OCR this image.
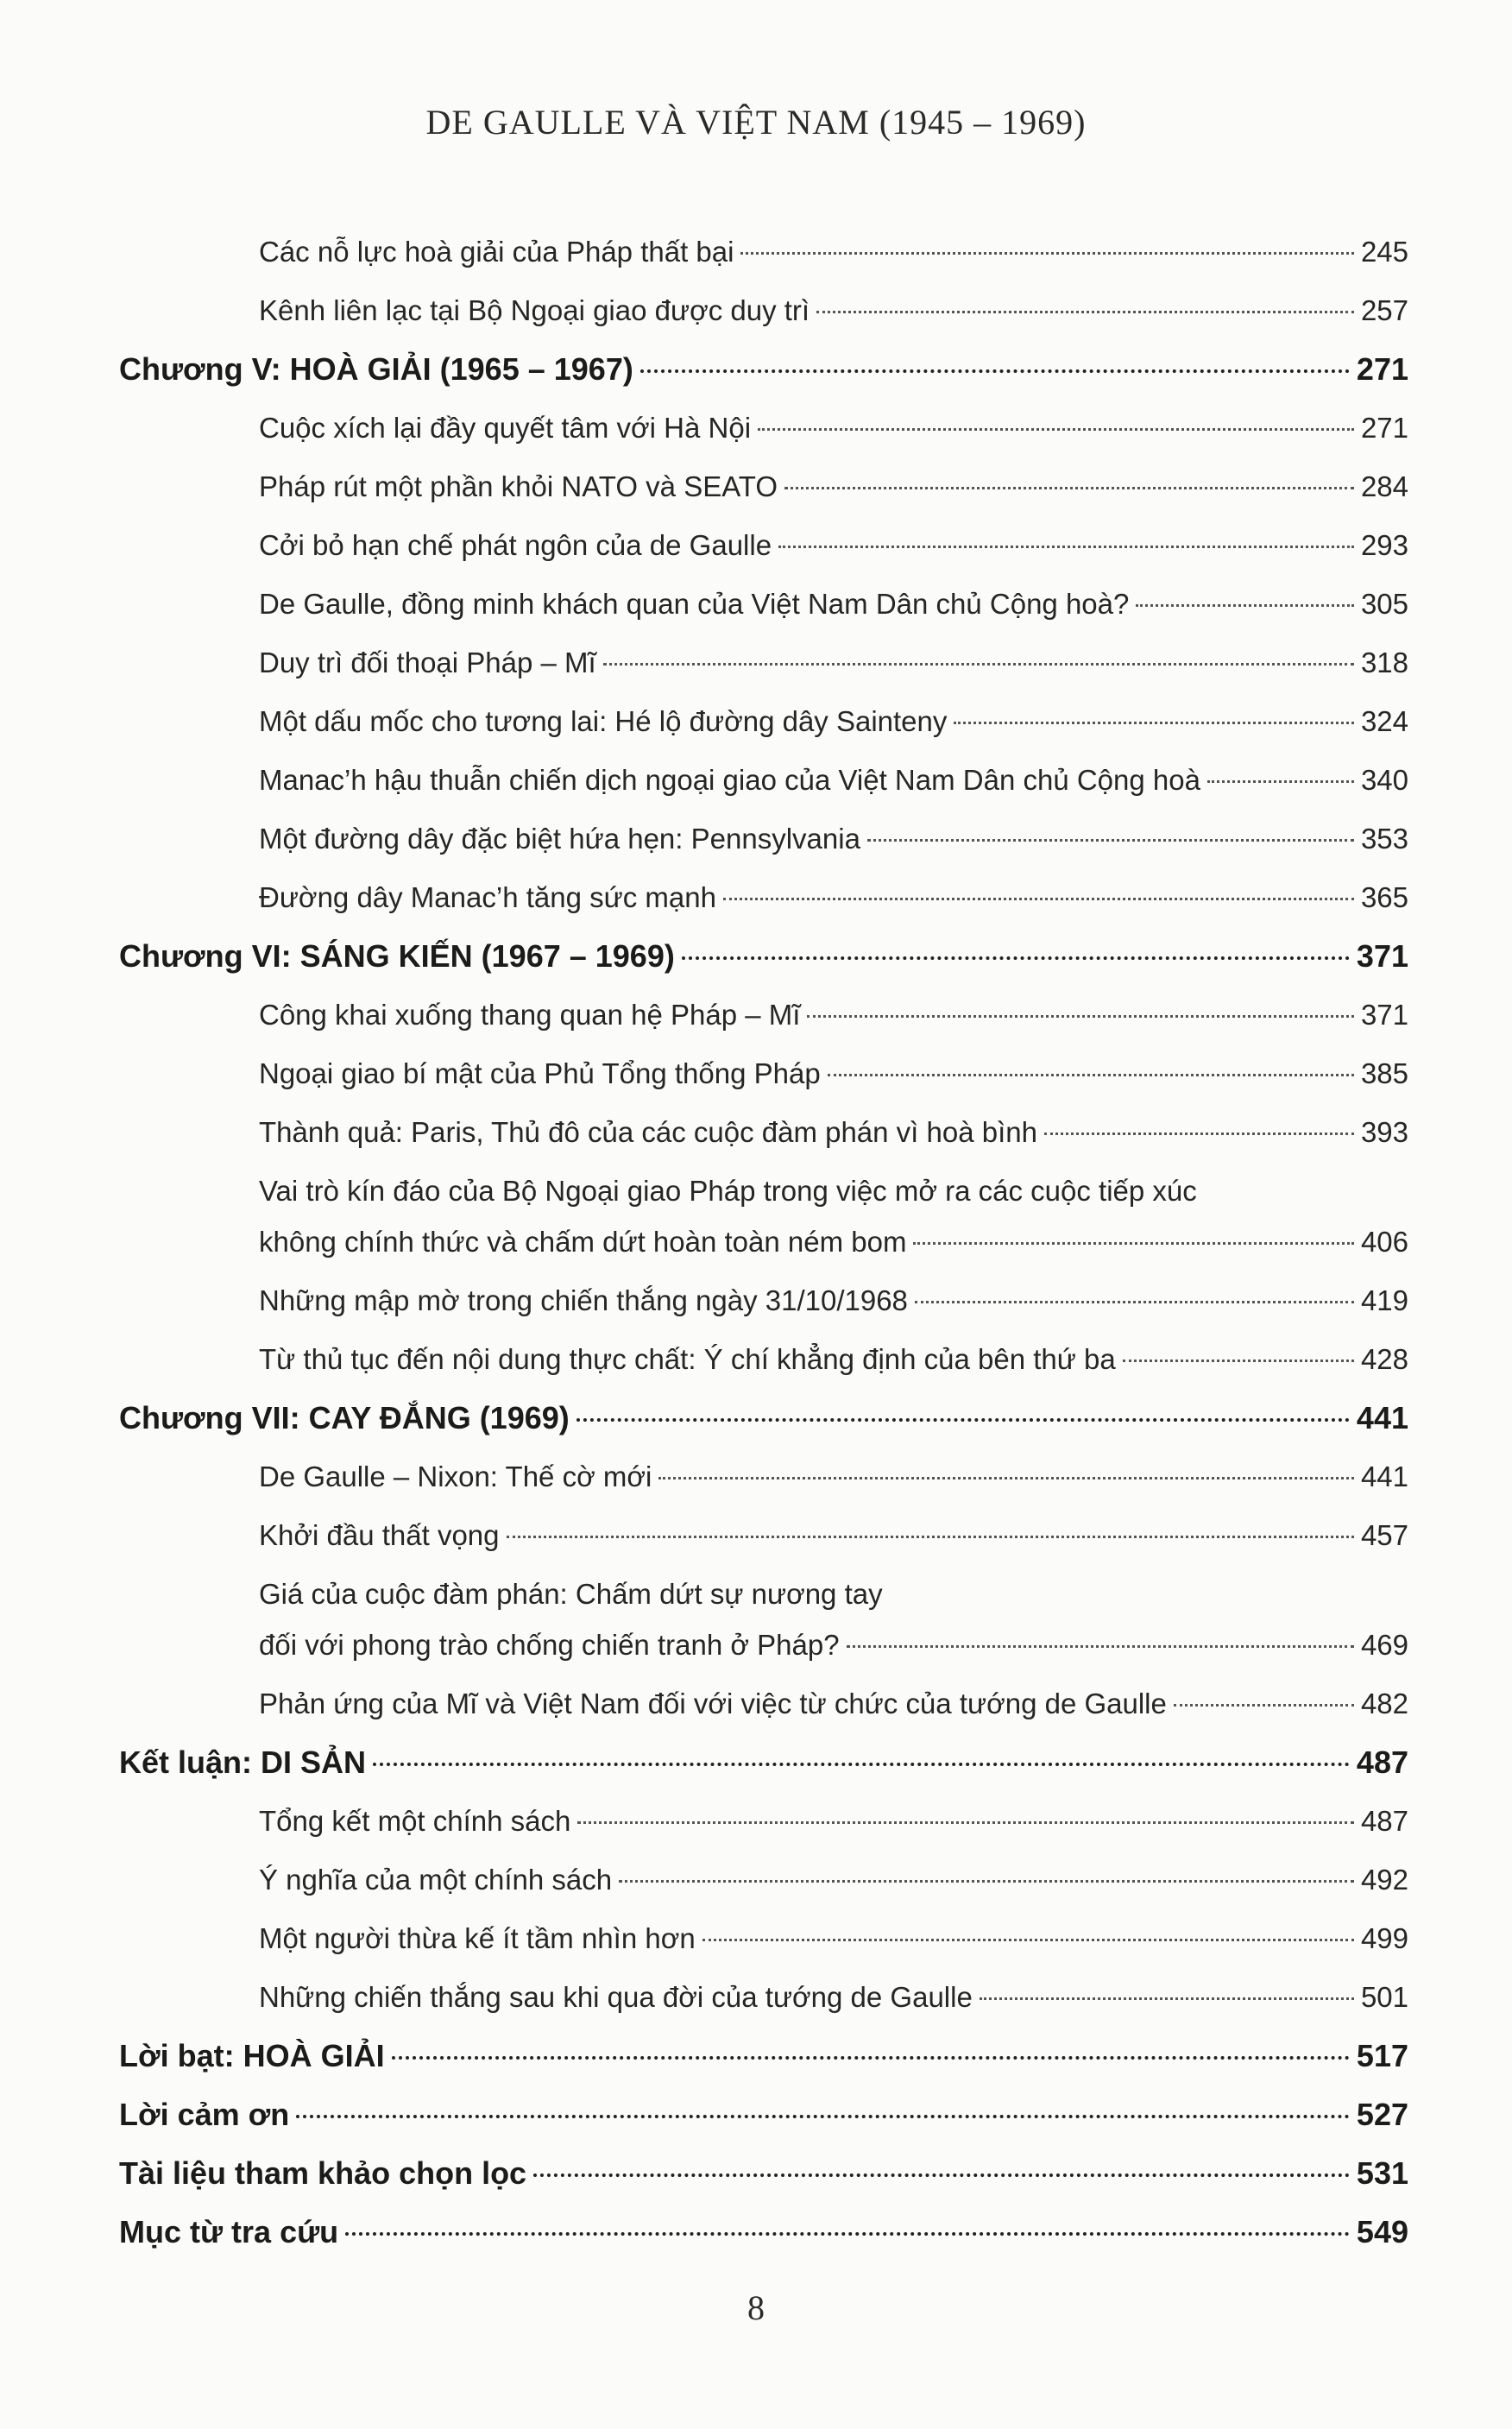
DE GAULLE VÀ VIỆT NAM (1945 – 1969)
Các nỗ lực hoà giải của Pháp thất bại	245
Kênh liên lạc tại Bộ Ngoại giao được duy trì	257
Chương V: HOÀ GIẢI (1965 – 1967)	271
Cuộc xích lại đầy quyết tâm với Hà Nội	271
Pháp rút một phần khỏi NATO và SEATO	284
Cởi bỏ hạn chế phát ngôn của de Gaulle	293
De Gaulle, đồng minh khách quan của Việt Nam Dân chủ Cộng hoà?	305
Duy trì đối thoại Pháp – Mĩ	318
Một dấu mốc cho tương lai: Hé lộ đường dây Sainteny	324
Manac’h hậu thuẫn chiến dịch ngoại giao của Việt Nam Dân chủ Cộng hoà	340
Một đường dây đặc biệt hứa hẹn: Pennsylvania	353
Đường dây Manac’h tăng sức mạnh	365
Chương VI: SÁNG KIẾN (1967 – 1969)	371
Công khai xuống thang quan hệ Pháp – Mĩ	371
Ngoại giao bí mật của Phủ Tổng thống Pháp	385
Thành quả: Paris, Thủ đô của các cuộc đàm phán vì hoà bình	393
Vai trò kín đáo của Bộ Ngoại giao Pháp trong việc mở ra các cuộc tiếp xúc
không chính thức và chấm dứt hoàn toàn ném bom	406
Những mập mờ trong chiến thắng ngày 31/10/1968	419
Từ thủ tục đến nội dung thực chất: Ý chí khẳng định của bên thứ ba	428
Chương VII: CAY ĐẮNG (1969)	441
De Gaulle – Nixon: Thế cờ mới	441
Khởi đầu thất vọng	457
Giá của cuộc đàm phán: Chấm dứt sự nương tay
đối với phong trào chống chiến tranh ở Pháp?	469
Phản ứng của Mĩ và Việt Nam đối với việc từ chức của tướng de Gaulle	482
Kết luận: DI SẢN	487
Tổng kết một chính sách	487
Ý nghĩa của một chính sách	492
Một người thừa kế ít tầm nhìn hơn	499
Những chiến thắng sau khi qua đời của tướng de Gaulle	501
Lời bạt: HOÀ GIẢI	517
Lời cảm ơn	527
Tài liệu tham khảo chọn lọc	531
Mục từ tra cứu	549
8
